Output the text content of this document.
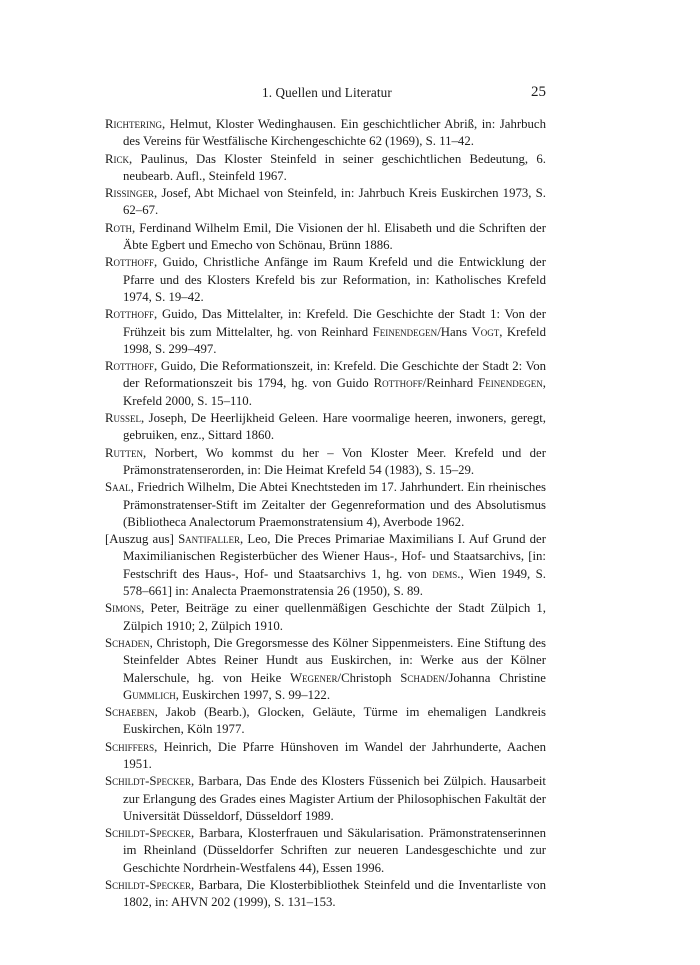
1. Quellen und Literatur	25

Richtering, Helmut, Kloster Wedinghausen. Ein geschichtlicher Abriß, in: Jahrbuch des Vereins für Westfälische Kirchengeschichte 62 (1969), S. 11–42.

Rick, Paulinus, Das Kloster Steinfeld in seiner geschichtlichen Bedeutung, 6. neubearb. Aufl., Steinfeld 1967.

Rissinger, Josef, Abt Michael von Steinfeld, in: Jahrbuch Kreis Euskirchen 1973, S. 62–67.

Roth, Ferdinand Wilhelm Emil, Die Visionen der hl. Elisabeth und die Schriften der Äbte Egbert und Emecho von Schönau, Brünn 1886.

Rotthoff, Guido, Christliche Anfänge im Raum Krefeld und die Entwicklung der Pfarre und des Klosters Krefeld bis zur Reformation, in: Katholisches Krefeld 1974, S. 19–42.

Rotthoff, Guido, Das Mittelalter, in: Krefeld. Die Geschichte der Stadt 1: Von der Frühzeit bis zum Mittelalter, hg. von Reinhard Feinendegen/Hans Vogt, Krefeld 1998, S. 299–497.

Rotthoff, Guido, Die Reformationszeit, in: Krefeld. Die Geschichte der Stadt 2: Von der Reformationszeit bis 1794, hg. von Guido Rotthoff/Reinhard Feinendegen, Krefeld 2000, S. 15–110.

Russel, Joseph, De Heerlijkheid Geleen. Hare voormalige heeren, inwoners, geregt, gebruiken, enz., Sittard 1860.

Rutten, Norbert, Wo kommst du her – Von Kloster Meer. Krefeld und der Prämonstratenserorden, in: Die Heimat Krefeld 54 (1983), S. 15–29.

Saal, Friedrich Wilhelm, Die Abtei Knechtsteden im 17. Jahrhundert. Ein rheinisches Prämonstratenser-Stift im Zeitalter der Gegenreformation und des Absolutismus (Bibliotheca Analectorum Praemonstratensium 4), Averbode 1962.

[Auszug aus] Santifaller, Leo, Die Preces Primariae Maximilians I. Auf Grund der Maximilianischen Registerbücher des Wiener Haus-, Hof- und Staatsarchivs, [in: Festschrift des Haus-, Hof- und Staatsarchivs 1, hg. von dems., Wien 1949, S. 578–661] in: Analecta Praemonstratensia 26 (1950), S. 89.

Simons, Peter, Beiträge zu einer quellenmäßigen Geschichte der Stadt Zülpich 1, Zülpich 1910; 2, Zülpich 1910.

Schaden, Christoph, Die Gregorsmesse des Kölner Sippenmeisters. Eine Stiftung des Steinfelder Abtes Reiner Hundt aus Euskirchen, in: Werke aus der Kölner Malerschule, hg. von Heike Wegener/Christoph Schaden/Johanna Christine Gummlich, Euskirchen 1997, S. 99–122.

Schaeben, Jakob (Bearb.), Glocken, Geläute, Türme im ehemaligen Landkreis Euskirchen, Köln 1977.

Schiffers, Heinrich, Die Pfarre Hünshoven im Wandel der Jahrhunderte, Aachen 1951.

Schildt-Specker, Barbara, Das Ende des Klosters Füssenich bei Zülpich. Hausarbeit zur Erlangung des Grades eines Magister Artium der Philosophischen Fakultät der Universität Düsseldorf, Düsseldorf 1989.

Schildt-Specker, Barbara, Klosterfrauen und Säkularisation. Prämonstratenserinnen im Rheinland (Düsseldorfer Schriften zur neueren Landesgeschichte und zur Geschichte Nordrhein-Westfalens 44), Essen 1996.

Schildt-Specker, Barbara, Die Klosterbibliothek Steinfeld und die Inventarliste von 1802, in: AHVN 202 (1999), S. 131–153.
